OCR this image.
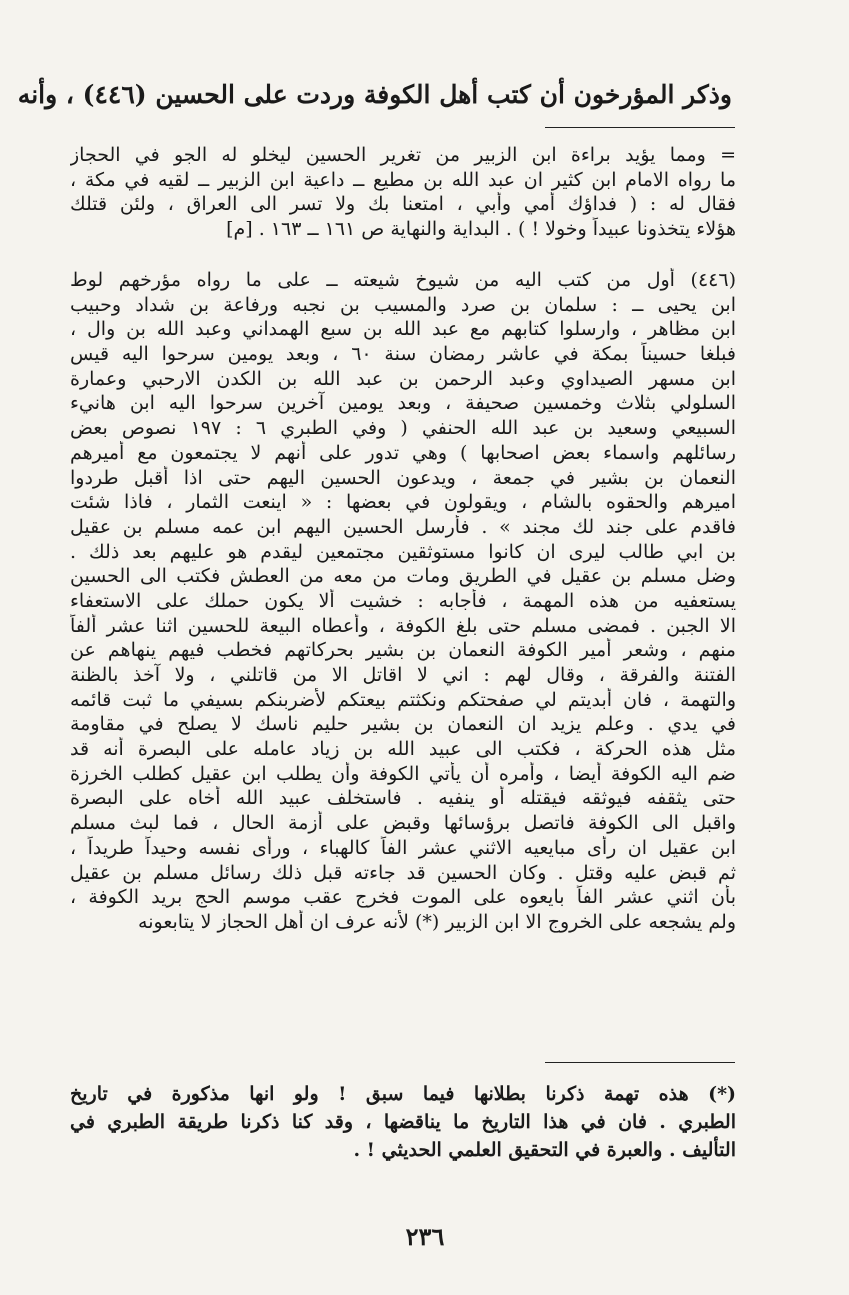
وذكر المؤرخون أن كتب أهل الكوفة وردت على الحسين (٤٤٦) ، وأنه
= ومما يؤيد براءة ابن الزبير من تغرير الحسين ليخلو له الجو في الحجاز
ما رواه الامام ابن كثير ان عبد الله بن مطيع ــ داعية ابن الزبير ــ لقيه في مكة ،
فقال له : ( فداؤك أمي وأبي ، امتعنا بك ولا تسر الى العراق ، ولئن قتلك
هؤلاء يتخذونا عبيداً وخولا ! ) . البداية والنهاية ص ١٦١ ــ ١٦٣ . [م]
(٤٤٦) أول من كتب اليه من شيوخ شيعته ــ على ما رواه مؤرخهم لوط
ابن يحيى ــ : سلمان بن صرد والمسيب بن نجبه ورفاعة بن شداد وحبيب
ابن مظاهر ، وارسلوا كتابهم مع عبد الله بن سبع الهمداني وعبد الله بن وال ،
فبلغا حسيناً بمكة في عاشر رمضان سنة ٦٠ ، وبعد يومين سرحوا اليه قيس
ابن مسهر الصيداوي وعبد الرحمن بن عبد الله بن الكدن الارحبي وعمارة
السلولي بثلاث وخمسين صحيفة ، وبعد يومين آخرين سرحوا اليه ابن هانيء
السبيعي وسعيد بن عبد الله الحنفي ( وفي الطبري ٦ : ١٩٧ نصوص بعض
رسائلهم واسماء بعض اصحابها ) وهي تدور على أنهم لا يجتمعون مع أميرهم
النعمان بن بشير في جمعة ، ويدعون الحسين اليهم حتى اذا أقبل طردوا
اميرهم والحقوه بالشام ، ويقولون في بعضها : « اينعت الثمار ، فاذا شئت
فاقدم على جند لك مجند » . فأرسل الحسين اليهم ابن عمه مسلم بن عقيل
بن ابي طالب ليرى ان كانوا مستوثقين مجتمعين ليقدم هو عليهم بعد ذلك .
وضل مسلم بن عقيل في الطريق ومات من معه من العطش فكتب الى الحسين
يستعفيه من هذه المهمة ، فأجابه : خشيت ألا يكون حملك على الاستعفاء
الا الجبن . فمضى مسلم حتى بلغ الكوفة ، وأعطاه البيعة للحسين اثنا عشر ألفاً
منهم ، وشعر أمير الكوفة النعمان بن بشير بحركاتهم فخطب فيهم ينهاهم عن
الفتنة والفرقة ، وقال لهم : اني لا اقاتل الا من قاتلني ، ولا آخذ بالظنة
والتهمة ، فان أبديتم لي صفحتكم ونكثتم بيعتكم لأضربنكم بسيفي ما ثبت قائمه
في يدي . وعلم يزيد ان النعمان بن بشير حليم ناسك لا يصلح في مقاومة
مثل هذه الحركة ، فكتب الى عبيد الله بن زياد عامله على البصرة أنه قد
ضم اليه الكوفة أيضا ، وأمره أن يأتي الكوفة وأن يطلب ابن عقيل كطلب الخرزة
حتى يثقفه فيوثقه فيقتله أو ينفيه . فاستخلف عبيد الله أخاه على البصرة
واقبل الى الكوفة فاتصل برؤسائها وقبض على أزمة الحال ، فما لبث مسلم
ابن عقيل ان رأى مبايعيه الاثني عشر الفاً كالهباء ، ورأى نفسه وحيداً طريداً ،
ثم قبض عليه وقتل . وكان الحسين قد جاءته قبل ذلك رسائل مسلم بن عقيل
بأن اثني عشر الفاً بايعوه على الموت فخرج عقب موسم الحج بريد الكوفة ،
ولم يشجعه على الخروج الا ابن الزبير (*) لأنه عرف ان أهل الحجاز لا يتابعونه
(*) هذه تهمة ذكرنا بطلانها فيما سبق ! ولو انها مذكورة في تاريخ
الطبري . فان في هذا التاريخ ما يناقضها ، وقد كنا ذكرنا طريقة الطبري في
التأليف . والعبرة في التحقيق العلمي الحديثي ! .
٢٣٦
